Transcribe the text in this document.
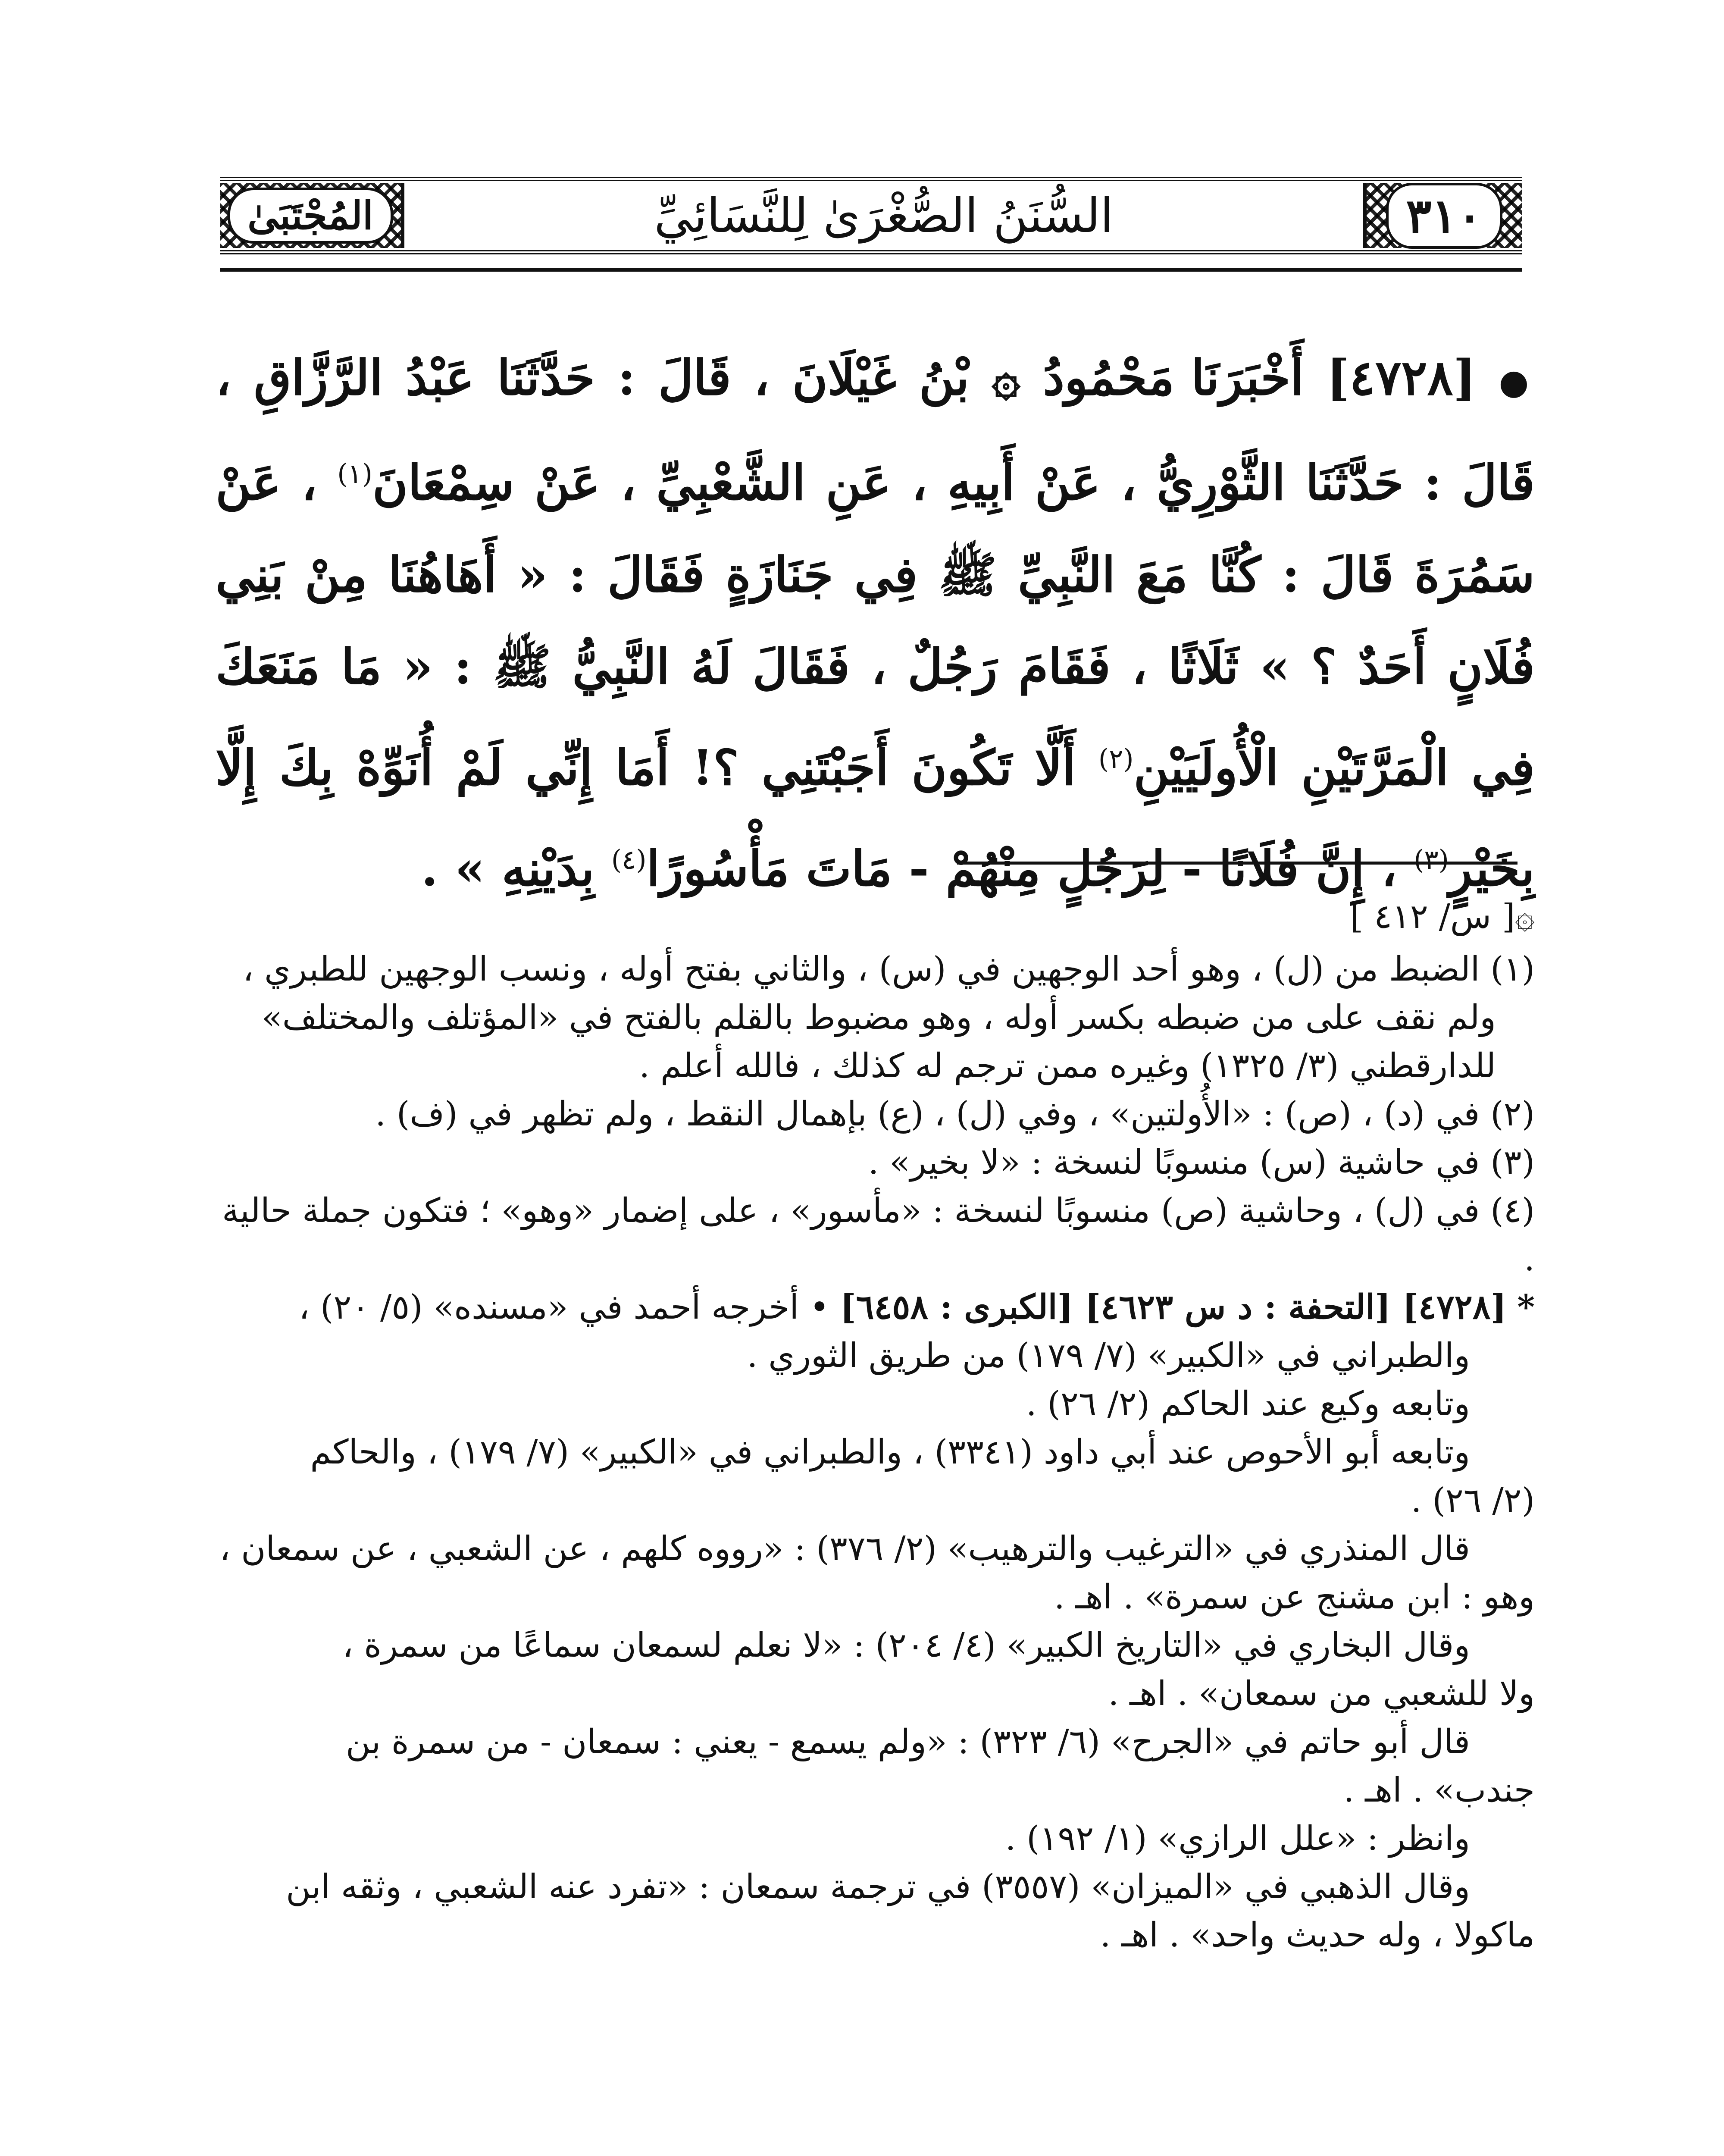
المُجْتَبَىٰ	السُّنَنُ الصُّغْرَىٰ لِلنَّسَائِيِّ	٣١٠
● [٤٧٢٨] أَخْبَرَنَا مَحْمُودُ ۞ بْنُ غَيْلَانَ ، قَالَ : حَدَّثَنَا عَبْدُ الرَّزَّاقِ ، قَالَ : حَدَّثَنَا الثَّوْرِيُّ ، عَنْ أَبِيهِ ، عَنِ الشَّعْبِيِّ ، عَنْ سِمْعَانَ$^{(١)}$ ، عَنْ سَمُرَةَ قَالَ : كُنَّا مَعَ النَّبِيِّ ﷺ فِي جَنَازَةٍ فَقَالَ : « أَهَاهُنَا مِنْ بَنِي فُلَانٍ أَحَدٌ ؟ » ثَلَاثًا ، فَقَامَ رَجُلٌ ، فَقَالَ لَهُ النَّبِيُّ ﷺ : « مَا مَنَعَكَ فِي الْمَرَّتَيْنِ الْأُولَيَيْنِ$^{(٢)}$ أَلَّا تَكُونَ أَجَبْتَنِي ؟! أَمَا إِنِّي لَمْ أُنَوِّهْ بِكَ إِلَّا بِخَيْرٍ$^{(٣)}$ ، إِنَّ فُلَانًا - لِرَجُلٍ مِنْهُمْ - مَاتَ مَأْسُورًا$^{(٤)}$ بِدَيْنِهِ » .

۞[ س/ ٤١٢ ]

(١) الضبط من (ل) ، وهو أحد الوجهين في (س) ، والثاني بفتح أوله ، ونسب الوجهين للطبري ،

ولم نقف على من ضبطه بكسر أوله ، وهو مضبوط بالقلم بالفتح في «المؤتلف والمختلف»

للدارقطني (٣/ ١٣٢٥) وغيره ممن ترجم له كذلك ، فالله أعلم .

(٢) في (د) ، (ص) : «الأُولتين» ، وفي (ل) ، (ع) بإهمال النقط ، ولم تظهر في (ف) .

(٣) في حاشية (س) منسوبًا لنسخة : «لا بخير» .

(٤) في (ل) ، وحاشية (ص) منسوبًا لنسخة : «مأسور» ، على إضمار «وهو» ؛ فتكون جملة حالية .

* [٤٧٢٨] [التحفة : د س ٤٦٢٣] [الكبرى : ٦٤٥٨] • أخرجه أحمد في «مسنده» (٥/ ٢٠) ،

والطبراني في «الكبير» (٧/ ١٧٩) من طريق الثوري .

وتابعه وكيع عند الحاكم (٢/ ٢٦) .

وتابعه أبو الأحوص عند أبي داود (٣٣٤١) ، والطبراني في «الكبير» (٧/ ١٧٩) ، والحاكم

(٢/ ٢٦) .

قال المنذري في «الترغيب والترهيب» (٢/ ٣٧٦) : «رووه كلهم ، عن الشعبي ، عن سمعان ،

وهو : ابن مشنج عن سمرة» . اهـ .

وقال البخاري في «التاريخ الكبير» (٤/ ٢٠٤) : «لا نعلم لسمعان سماعًا من سمرة ،

ولا للشعبي من سمعان» . اهـ .

قال أبو حاتم في «الجرح» (٦/ ٣٢٣) : «ولم يسمع - يعني : سمعان - من سمرة بن

جندب» . اهـ .

وانظر : «علل الرازي» (١/ ١٩٢) .

وقال الذهبي في «الميزان» (٣٥٥٧) في ترجمة سمعان : «تفرد عنه الشعبي ، وثقه ابن

ماكولا ، وله حديث واحد» . اهـ .
